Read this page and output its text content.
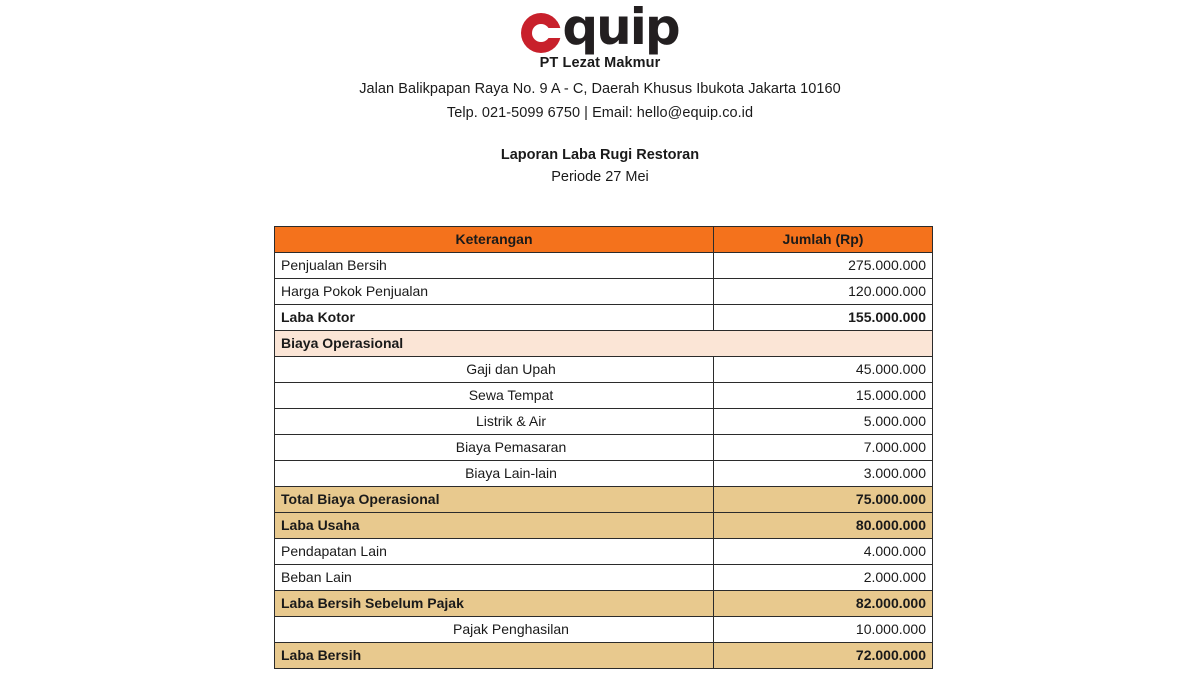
quip
PT Lezat Makmur
Jalan Balikpapan Raya No. 9 A - C, Daerah Khusus Ibukota Jakarta 10160
Telp. 021-5099 6750 | Email: hello@equip.co.id
Laporan Laba Rugi Restoran
Periode 27 Mei
Keterangan	Jumlah (Rp)
Penjualan Bersih	275.000.000
Harga Pokok Penjualan	120.000.000
Laba Kotor	155.000.000
Biaya Operasional	
Gaji dan Upah	45.000.000
Sewa Tempat	15.000.000
Listrik & Air	5.000.000
Biaya Pemasaran	7.000.000
Biaya Lain-lain	3.000.000
Total Biaya Operasional	75.000.000
Laba Usaha	80.000.000
Pendapatan Lain	4.000.000
Beban Lain	2.000.000
Laba Bersih Sebelum Pajak	82.000.000
Pajak Penghasilan	10.000.000
Laba Bersih	72.000.000
